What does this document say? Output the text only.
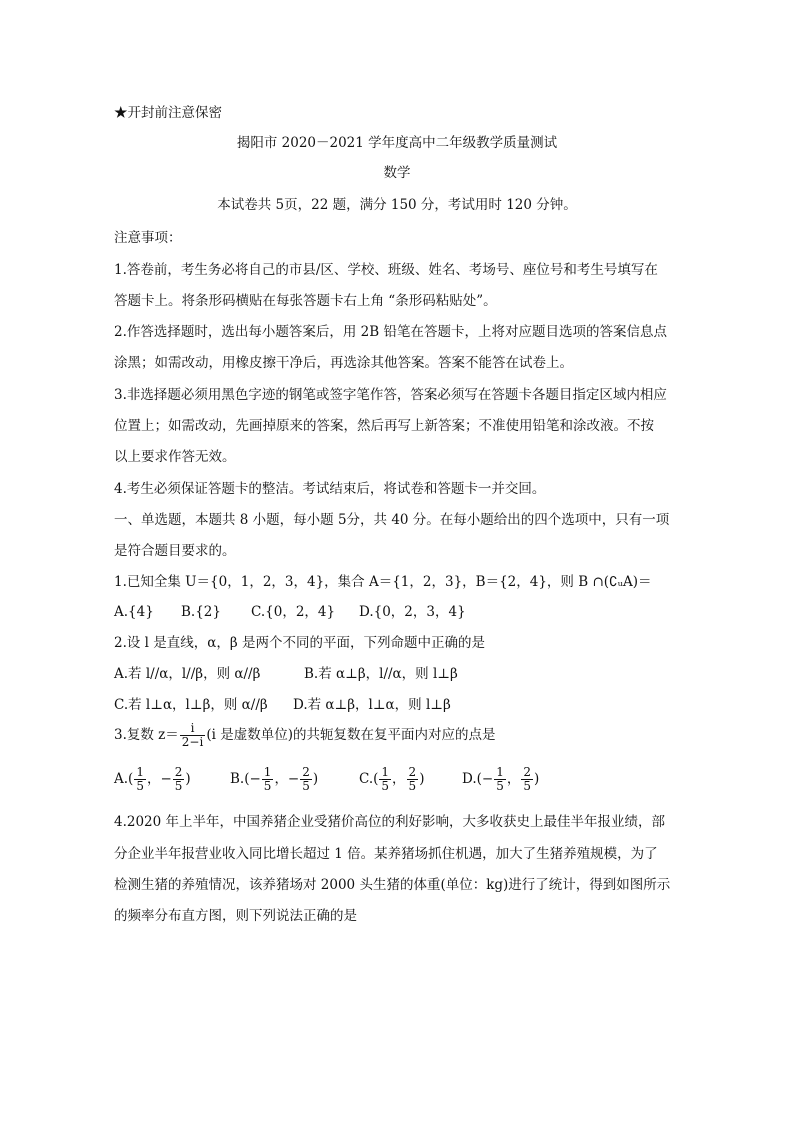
★开封前注意保密
揭阳市 2020－2021 学年度高中二年级教学质量测试
数学
本试卷共 5页，22 题，满分 150 分，考试用时 120 分钟。
注意事项：
1.答卷前，考生务必将自己的市县/区、学校、班级、姓名、考场号、座位号和考生号填写在
答题卡上。将条形码横贴在每张答题卡右上角 “条形码粘贴处”。
2.作答选择题时，选出每小题答案后，用 2B 铅笔在答题卡，上将对应题目选项的答案信息点
涂黑；如需改动，用橡皮擦干净后，再选涂其他答案。答案不能答在试卷上。
3.非选择题必须用黑色字迹的钢笔或签字笔作答，答案必须写在答题卡各题目指定区域内相应
位置上；如需改动，先画掉原来的答案，然后再写上新答案；不准使用铅笔和涂改液。不按
以上要求作答无效。
4.考生必须保证答题卡的整洁。考试结束后，将试卷和答题卡一并交回。
一、单选题，本题共 8 小题，每小题 5分，共 40 分。在每小题给出的四个选项中，只有一项
是符合题目要求的。
1.已知全集 U＝{0，1，2，3，4}，集合 A＝{1，2，3}，B＝{2，4}，则 B ∩(∁ᵤA)＝
A.{4} B.{2} C.{0，2，4} D.{0，2，3，4}
2.设 l 是直线，α，β 是两个不同的平面，下列命题中正确的是
A.若 l//α，l//β，则 α//β	B.若 α⊥β，l//α，则 l⊥β
C.若 l⊥α，l⊥β，则 α//β D.若 α⊥β，l⊥α，则 l⊥β
3.复数 $z= \frac{i}{2-i} (i$ 是虚数单位)的共轭复数在复平面内对应的点是
$A.( \frac{1}{5}$ ，− $\frac{2}{5}$ )	$B.(- \frac{1}{5}$ ，− $\frac{2}{5}$ )	$C.( \frac{1}{5}$ ， $\frac{2}{5}$ )	$D.(- \frac{1}{5}$ ， $\frac{2}{5}$ )
4.2020 年上半年，中国养猪企业受猪价高位的利好影响，大多收获史上最佳半年报业绩，部
分企业半年报营业收入同比增长超过 1 倍。某养猪场抓住机遇，加大了生猪养殖规模，为了
检测生猪的养殖情况，该养猪场对 2000 头生猪的体重(单位：kg)进行了统计，得到如图所示
的频率分布直方图，则下列说法正确的是
